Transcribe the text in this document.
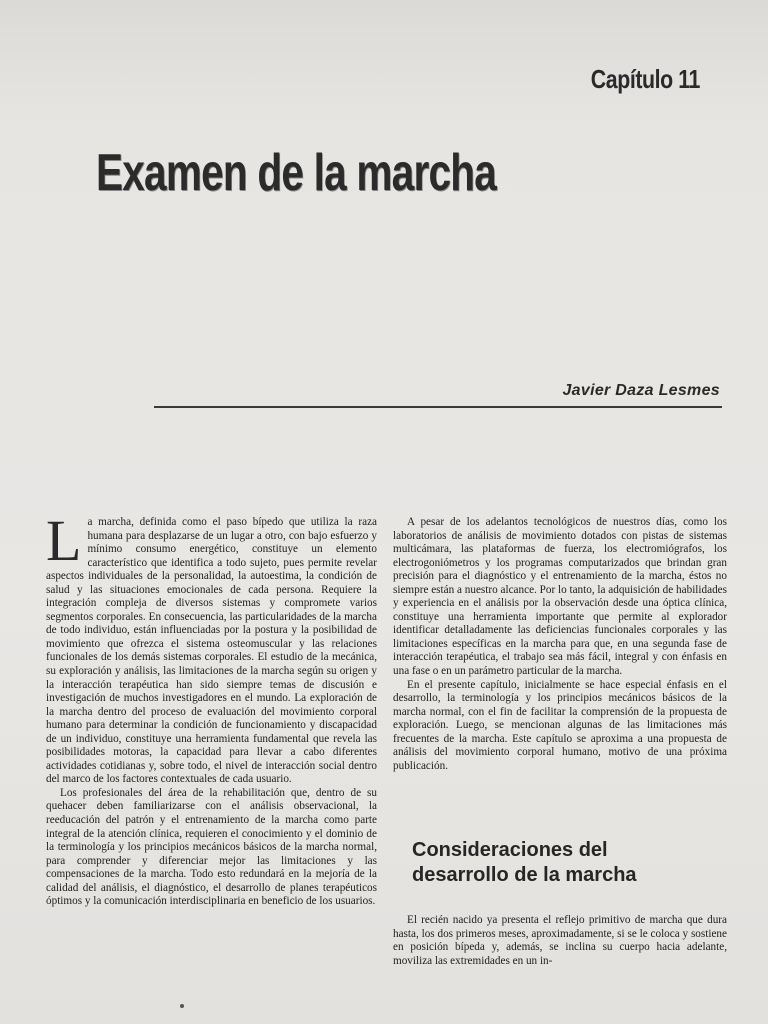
Capítulo 11
Examen de la marcha
Javier Daza Lesmes

La marcha, definida como el paso bípedo que utiliza la raza humana para desplazarse de un lugar a otro, con bajo esfuerzo y mínimo consumo energético, constituye un elemento característico que identifica a todo sujeto, pues permite revelar aspectos individuales de la personalidad, la autoestima, la condición de salud y las situaciones emocionales de cada persona. Requiere la integración compleja de diversos sistemas y compromete varios segmentos corporales. En consecuencia, las particularidades de la marcha de todo individuo, están influenciadas por la postura y la posibilidad de movimiento que ofrezca el sistema osteomuscular y las relaciones funcionales de los demás sistemas corporales. El estudio de la mecánica, su exploración y análisis, las limitaciones de la marcha según su origen y la interacción terapéutica han sido siempre temas de discusión e investigación de muchos investigadores en el mundo. La exploración de la marcha dentro del proceso de evaluación del movimiento corporal humano para determinar la condición de funcionamiento y discapacidad de un individuo, constituye una herramienta fundamental que revela las posibilidades motoras, la capacidad para llevar a cabo diferentes actividades cotidianas y, sobre todo, el nivel de interacción social dentro del marco de los factores contextuales de cada usuario.

Los profesionales del área de la rehabilitación que, dentro de su quehacer deben familiarizarse con el análisis observacional, la reeducación del patrón y el entrenamiento de la marcha como parte integral de la atención clínica, requieren el conocimiento y el dominio de la terminología y los principios mecánicos básicos de la marcha normal, para comprender y diferenciar mejor las limitaciones y las compensaciones de la marcha. Todo esto redundará en la mejoría de la calidad del análisis, el diagnóstico, el desarrollo de planes terapéuticos óptimos y la comunicación interdisciplinaria en beneficio de los usuarios.

A pesar de los adelantos tecnológicos de nuestros días, como los laboratorios de análisis de movimiento dotados con pistas de sistemas multicámara, las plataformas de fuerza, los electromiógrafos, los electrogoniómetros y los programas computarizados que brindan gran precisión para el diagnóstico y el entrenamiento de la marcha, éstos no siempre están a nuestro alcance. Por lo tanto, la adquisición de habilidades y experiencia en el análisis por la observación desde una óptica clínica, constituye una herramienta importante que permite al explorador identificar detalladamente las deficiencias funcionales corporales y las limitaciones específicas en la marcha para que, en una segunda fase de interacción terapéutica, el trabajo sea más fácil, integral y con énfasis en una fase o en un parámetro particular de la marcha.

En el presente capítulo, inicialmente se hace especial énfasis en el desarrollo, la terminología y los principios mecánicos básicos de la marcha normal, con el fin de facilitar la comprensión de la propuesta de exploración. Luego, se mencionan algunas de las limitaciones más frecuentes de la marcha. Este capítulo se aproxima a una propuesta de análisis del movimiento corporal humano, motivo de una próxima publicación.

Consideraciones del
desarrollo de la marcha

El recién nacido ya presenta el reflejo primitivo de marcha que dura hasta, los dos primeros meses, aproximadamente, si se le coloca y sostiene en posición bípeda y, además, se inclina su cuerpo hacia adelante, moviliza las extremidades en un in-
